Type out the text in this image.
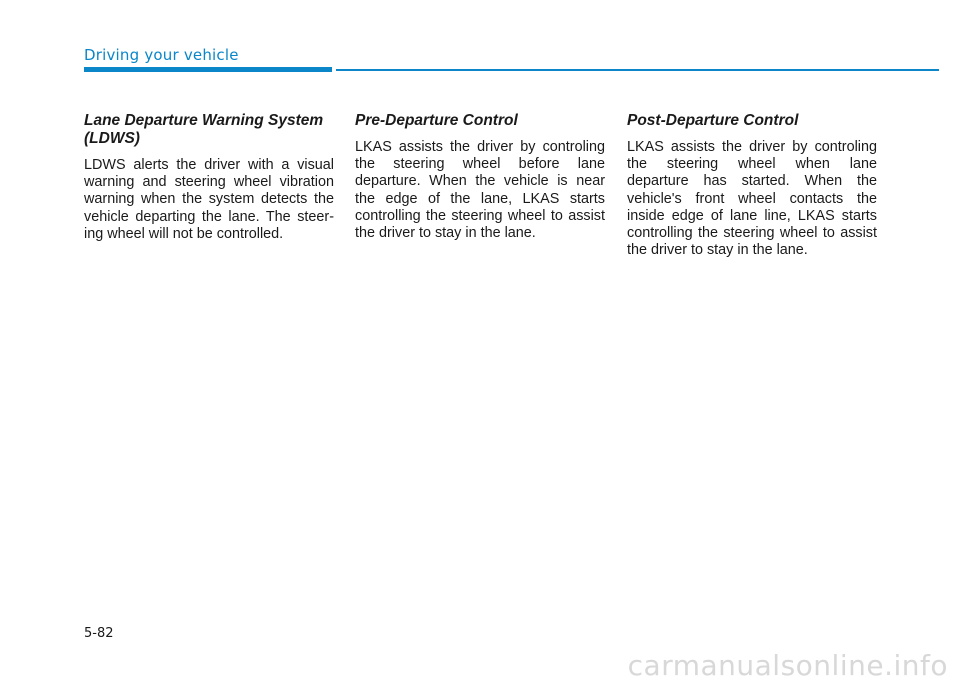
Driving your vehicle
Lane Departure Warning System (LDWS)

LDWS alerts the driver with a visual warning and steering wheel vibration warning when the system detects the vehicle departing the lane. The steering wheel will not be controlled.

Pre-Departure Control

LKAS assists the driver by controling the steering wheel before lane departure. When the vehicle is near the edge of the lane, LKAS starts controlling the steering wheel to assist the driver to stay in the lane.

Post-Departure Control

LKAS assists the driver by controling the steering wheel when lane departure has started. When the vehicle's front wheel contacts the inside edge of lane line, LKAS starts controlling the steering wheel to assist the driver to stay in the lane.

5-82
carmanualsonline.info
